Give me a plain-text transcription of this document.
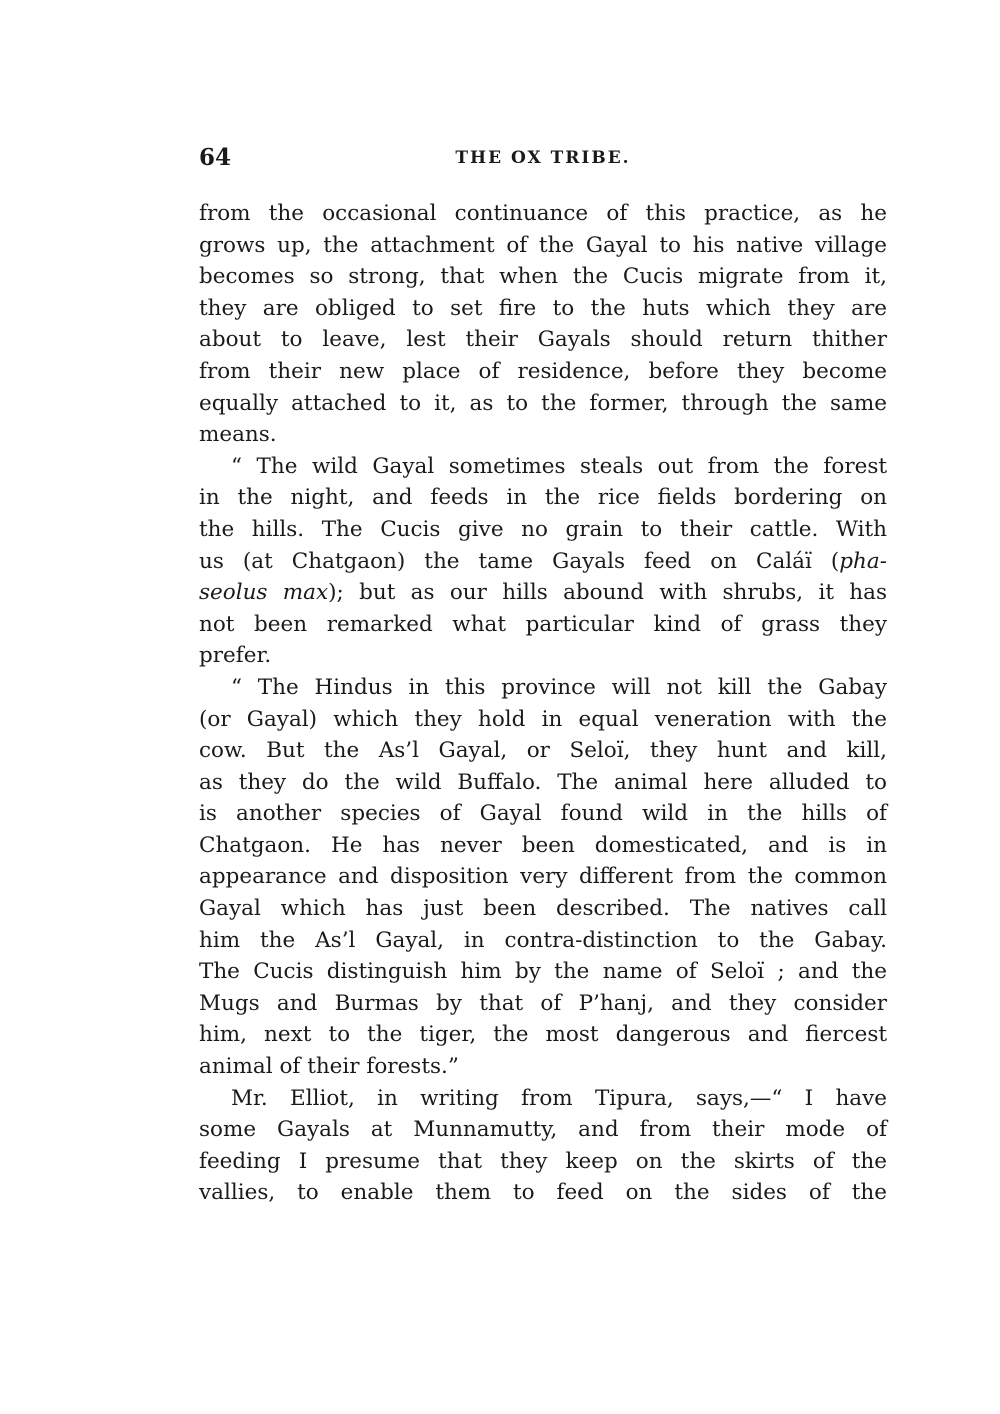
64	THE OX TRIBE.
from the occasional continuance of this practice, as he
grows up, the attachment of the Gayal to his native village
becomes so strong, that when the Cucis migrate from it,
they are obliged to set fire to the huts which they are
about to leave, lest their Gayals should return thither
from their new place of residence, before they become
equally attached to it, as to the former, through the same
means.
“ The wild Gayal sometimes steals out from the forest
in the night, and feeds in the rice fields bordering on
the hills. The Cucis give no grain to their cattle. With
us (at Chatgaon) the tame Gayals feed on Caláï (pha-
seolus max); but as our hills abound with shrubs, it has
not been remarked what particular kind of grass they
prefer.
“ The Hindus in this province will not kill the Gabay
(or Gayal) which they hold in equal veneration with the
cow. But the As’l Gayal, or Seloï, they hunt and kill,
as they do the wild Buffalo. The animal here alluded to
is another species of Gayal found wild in the hills of
Chatgaon. He has never been domesticated, and is in
appearance and disposition very different from the common
Gayal which has just been described. The natives call
him the As’l Gayal, in contra-distinction to the Gabay.
The Cucis distinguish him by the name of Seloï ; and the
Mugs and Burmas by that of P’hanj, and they consider
him, next to the tiger, the most dangerous and fiercest
animal of their forests.”
Mr. Elliot, in writing from Tipura, says,—“ I have
some Gayals at Munnamutty, and from their mode of
feeding I presume that they keep on the skirts of the
vallies, to enable them to feed on the sides of the
